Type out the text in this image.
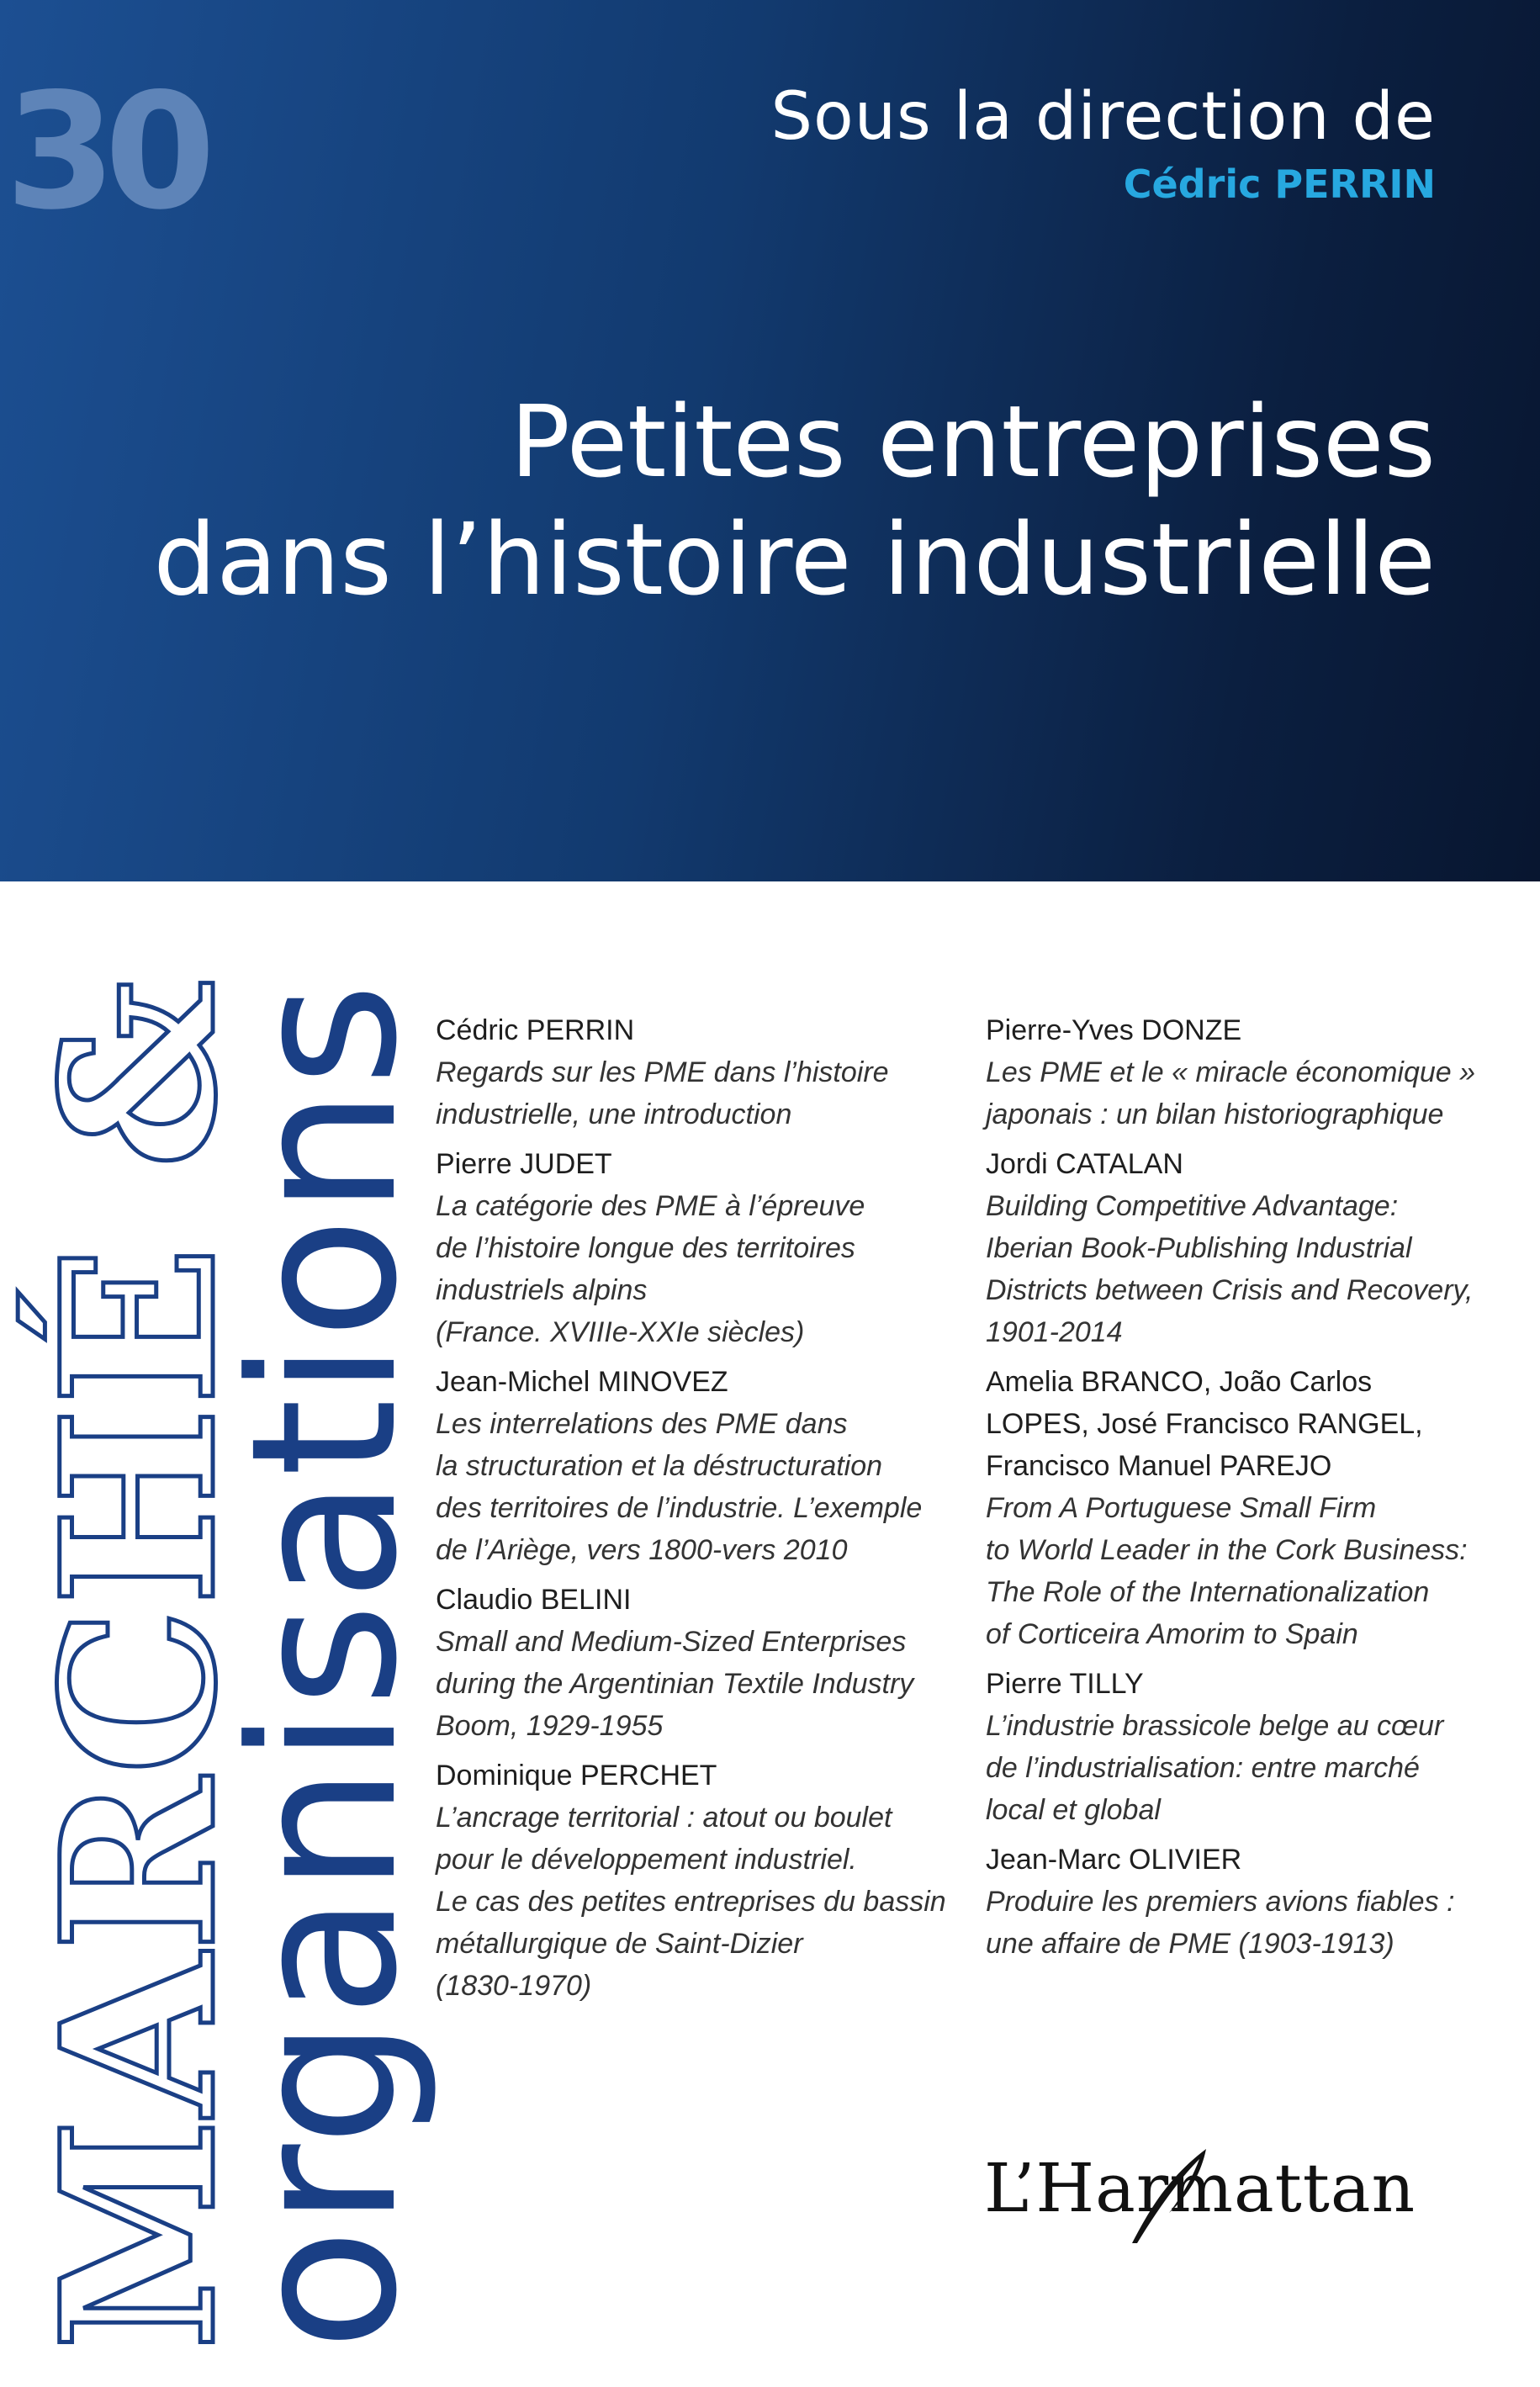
30	Sous la direction de
Cédric PERRIN
Petites entreprises
dans l’histoire industrielle
MARCHÉ &
organisations
Cédric PERRIN
Regards sur les PME dans l’histoire
industrielle, une introduction
Pierre JUDET
La catégorie des PME à l’épreuve
de l’histoire longue des territoires
industriels alpins
(France. XVIIIe-XXIe siècles)
Jean-Michel MINOVEZ
Les interrelations des PME dans
la structuration et la déstructuration
des territoires de l’industrie. L’exemple
de l’Ariège, vers 1800-vers 2010
Claudio BELINI
Small and Medium-Sized Enterprises
during the Argentinian Textile Industry
Boom, 1929-1955
Dominique PERCHET
L’ancrage territorial : atout ou boulet
pour le développement industriel.
Le cas des petites entreprises du bassin
métallurgique de Saint-Dizier
(1830-1970)
Pierre-Yves DONZE
Les PME et le « miracle économique »
japonais : un bilan historiographique
Jordi CATALAN
Building Competitive Advantage:
Iberian Book-Publishing Industrial
Districts between Crisis and Recovery,
1901-2014
Amelia BRANCO, João Carlos
LOPES, José Francisco RANGEL,
Francisco Manuel PAREJO
From A Portuguese Small Firm
to World Leader in the Cork Business:
The Role of the Internationalization
of Corticeira Amorim to Spain
Pierre TILLY
L’industrie brassicole belge au cœur
de l’industrialisation: entre marché
local et global
Jean-Marc OLIVIER
Produire les premiers avions fiables :
une affaire de PME (1903-1913)
L’Harmattan
